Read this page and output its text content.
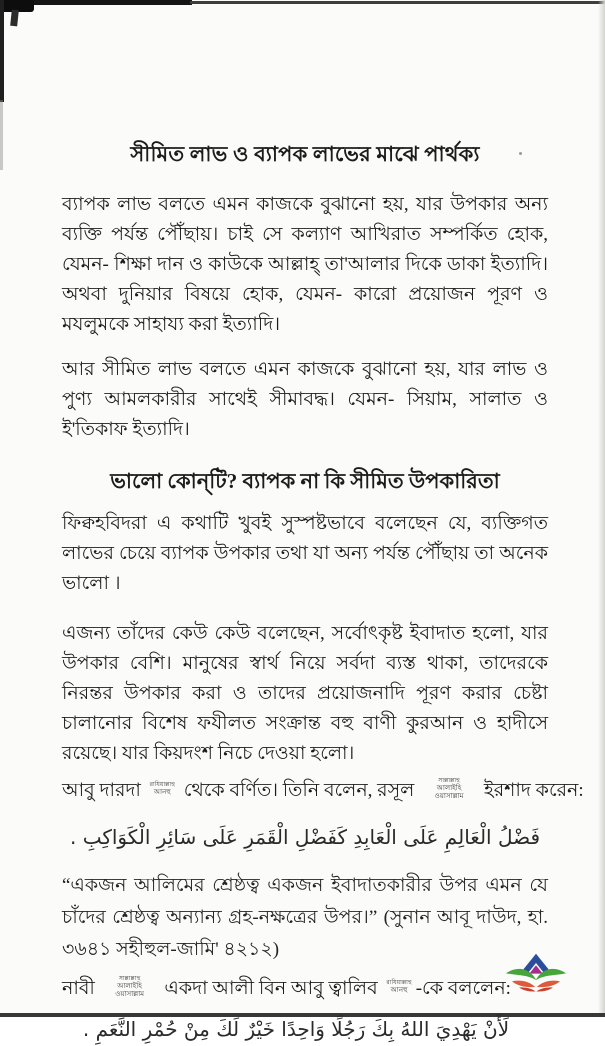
সীমিত লাভ ও ব্যাপক লাভের মাঝে পার্থক্য

ব্যাপক লাভ বলতে এমন কাজকে বুঝানো হয়, যার উপকার অন্য ব্যক্তি পর্যন্ত পৌঁছায়। চাই সে কল্যাণ আখিরাত সম্পর্কিত হোক, যেমন- শিক্ষা দান ও কাউকে আল্লাহ্ তা'আলার দিকে ডাকা ইত্যাদি। অথবা দুনিয়ার বিষয়ে হোক, যেমন- কারো প্রয়োজন পূরণ ও মযলুমকে সাহায্য করা ইত্যাদি।

আর সীমিত লাভ বলতে এমন কাজকে বুঝানো হয়, যার লাভ ও পুণ্য আমলকারীর সাথেই সীমাবদ্ধ। যেমন- সিয়াম, সালাত ও ই'তিকাফ ইত্যাদি।

ভালো কোন্‌টি? ব্যাপক না কি সীমিত উপকারিতা

ফিক্বহবিদরা এ কথাটি খুবই সুস্পষ্টভাবে বলেছেন যে, ব্যক্তিগত লাভের চেয়ে ব্যাপক উপকার তথা যা অন্য পর্যন্ত পৌঁছায় তা অনেক ভালো ।

এজন্য তাঁদের কেউ কেউ বলেছেন, সর্বোৎকৃষ্ট ইবাদাত হলো, যার উপকার বেশি। মানুষের স্বার্থ নিয়ে সর্বদা ব্যস্ত থাকা, তাদেরকে নিরন্তর উপকার করা ও তাদের প্রয়োজনাদি পূরণ করার চেষ্টা চালানোর বিশেষ ফযীলত সংক্রান্ত বহু বাণী কুরআন ও হাদীসে রয়েছে। যার কিয়দংশ নিচে দেওয়া হলো।

আবু দারদা রাযিয়াল্লাহু
আনহু থেকে বর্ণিত। তিনি বলেন, রসূল	সাল্লাল্লাহু
আলাইহি ওয়াসাল্লাম	ইরশাদ করেন:

فَضْلُ الْعَالِمِ عَلَى الْعَابِدِ كَفَضْلِ الْقَمَرِ عَلَى سَائِرِ الْكَوَاكِبِ .

“একজন আলিমের শ্রেষ্ঠত্ব একজন ইবাদাতকারীর উপর এমন যে চাঁদের শ্রেষ্ঠত্ব অন্যান্য গ্রহ-নক্ষত্রের উপর।” (সুনান আবূ দাউদ, হা. ৩৬৪১ সহীহুল-জামি' ৪২১২)

নাবী	সাল্লাল্লাহু
আলাইহি ওয়াসাল্লাম	একদা আলী বিন আবু ত্বালিব রাযিয়াল্লাহু
আনহু -কে বললেন:

لَأَنْ يَهْدِيَ اللهُ بِكَ رَجُلًا وَاحِدًا خَيْرٌ لَكَ مِنْ حُمْرِ النَّعَمِ .
